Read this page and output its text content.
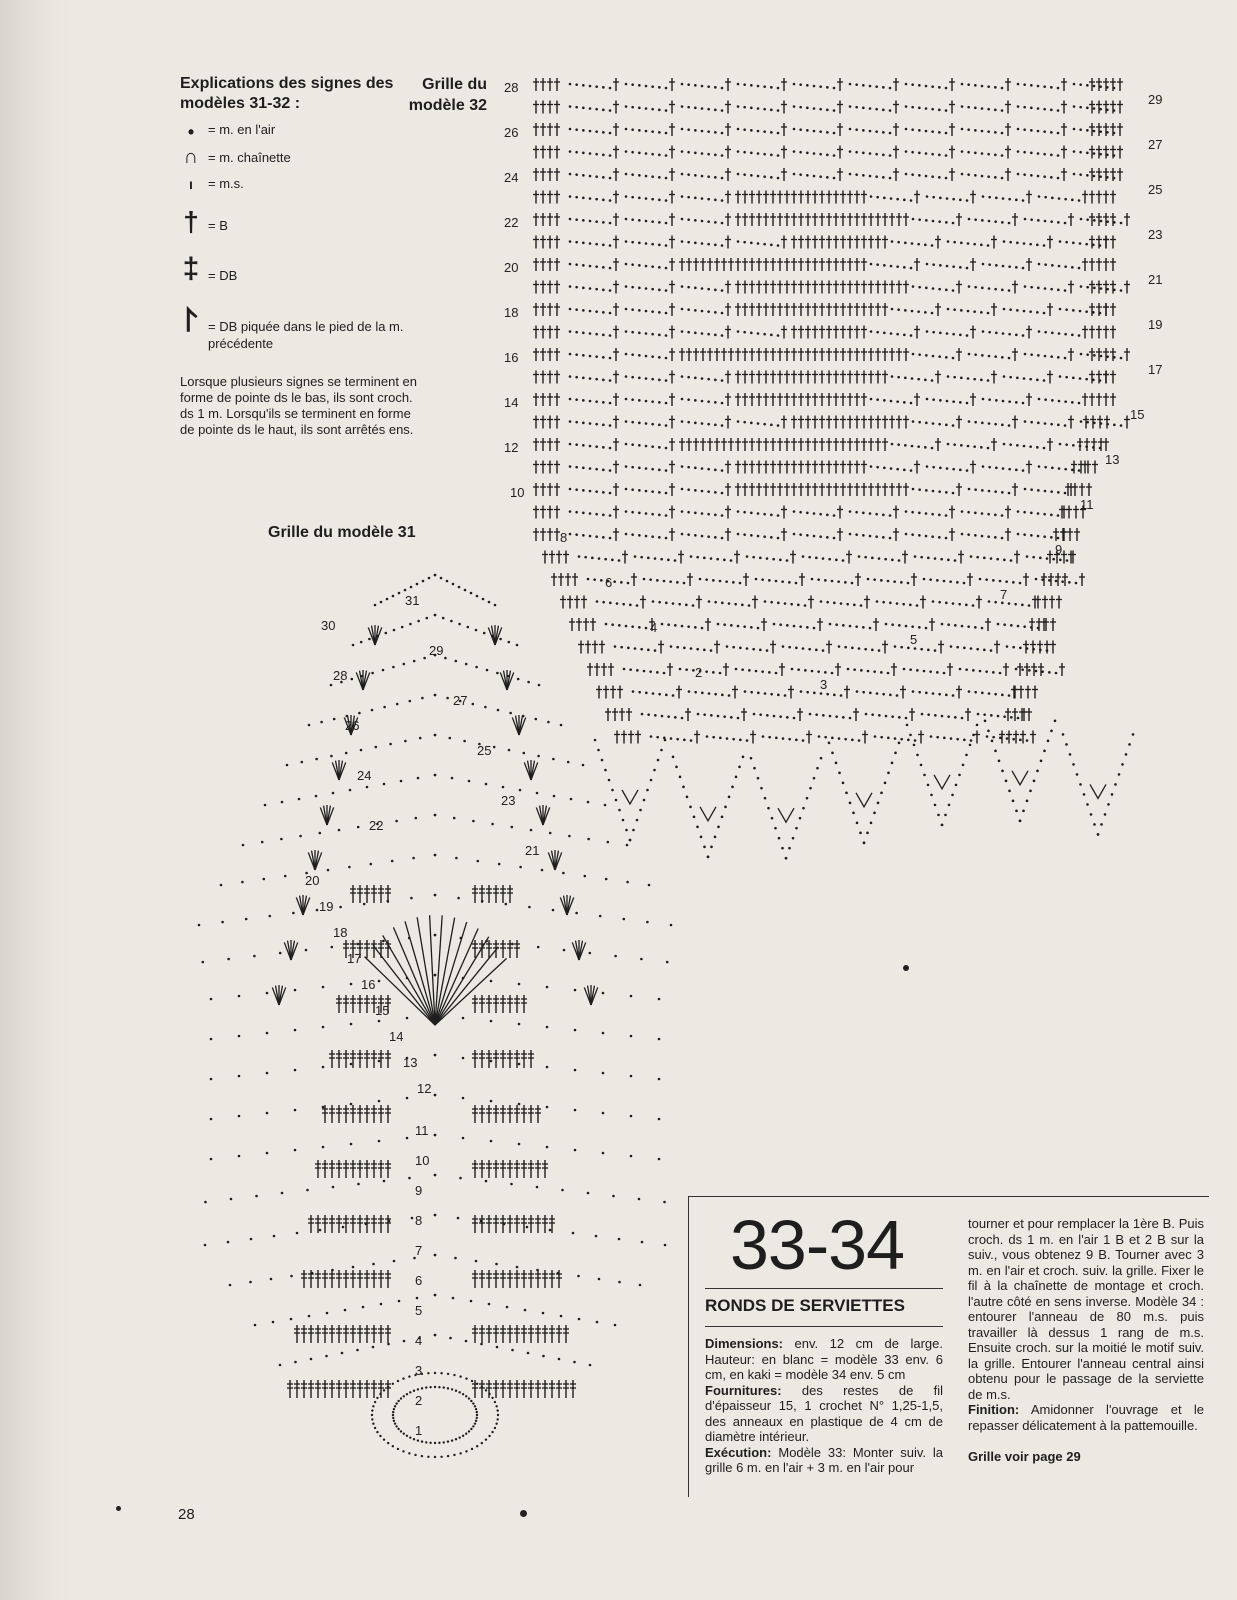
Explications des signes des modèles 31-32 :
•	= m. en l'air
∩ = m. chaînette
ı	= m.s.
† = B
‡ = DB
⨡ = DB piquée dans le pied de la m. précédente

Lorsque plusieurs signes se terminent en forme de pointe ds le bas, ils sont croch. ds 1 m. Lorsqu'ils se terminent en forme de pointe ds le haut, ils sont arrêtés ens.

Grille du
modèle 32
28
26
24
22
20
18
16
14
12
10
8
6
4
2
29
27
25
23
21
19
17
15
13
11
9
7
5
3
Grille du modèle 31
31
30
29
28
27
26
25
24
23
22
21
20
19
18
17
16
15
14
13
12
11
10
9
8
7
6
5
4
3
2
1
33-34
RONDS DE SERVIETTES
Dimensions: env. 12 cm de large. Hauteur: en blanc = modèle 33 env. 6 cm, en kaki = modèle 34 env. 5 cm
Fournitures: des restes de fil d'épaisseur 15, 1 crochet N° 1,25-1,5, des anneaux en plastique de 4 cm de diamètre intérieur.
Exécution: Modèle 33: Monter suiv. la grille 6 m. en l'air + 3 m. en l'air pour
tourner et pour remplacer la 1ère B. Puis croch. ds 1 m. en l'air 1 B et 2 B sur la suiv., vous obtenez 9 B. Tourner avec 3 m. en l'air et croch. suiv. la grille. Fixer le fil à la chaînette de montage et croch. l'autre côté en sens inverse. Modèle 34 : entourer l'anneau de 80 m.s. puis travailler là dessus 1 rang de m.s. Ensuite croch. sur la moitié le motif suiv. la grille. Entourer l'anneau central ainsi obtenu pour le passage de la serviette de m.s.
Finition: Amidonner l'ouvrage et le repasser délicatement à la pattemouille.
Grille voir page 29
28
